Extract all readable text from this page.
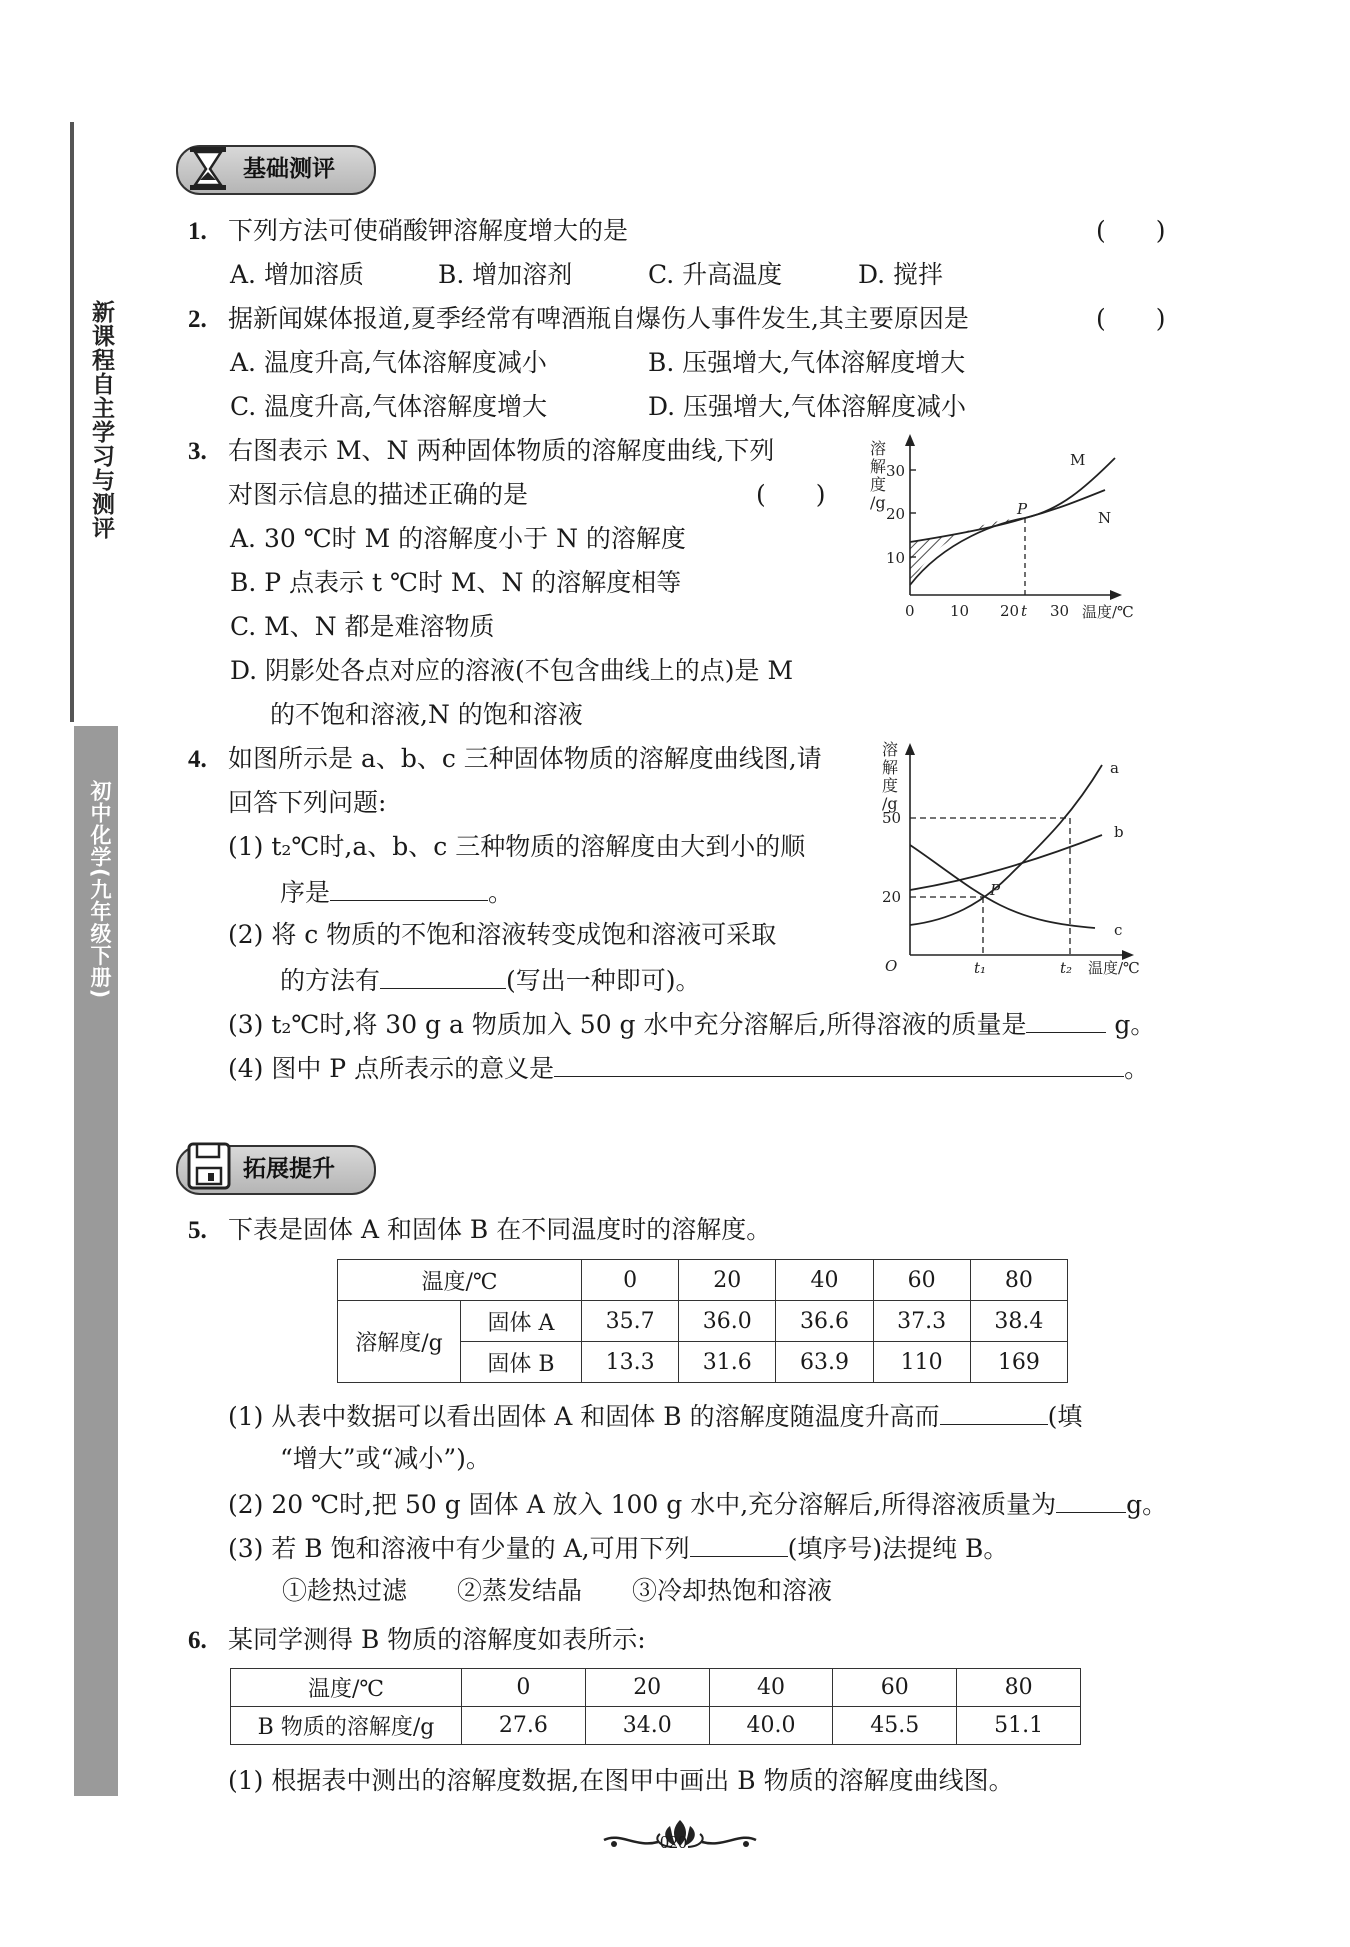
新课程自主学习与测评
初中化学(九年级下册)
基础测评
1. 下列方法可使硝酸钾溶解度增大的是	(　　)
A. 增加溶质	B. 增加溶剂	C. 升高温度	D. 搅拌
2. 据新闻媒体报道,夏季经常有啤酒瓶自爆伤人事件发生,其主要原因是	(　　)
A. 温度升高,气体溶解度减小	B. 压强增大,气体溶解度增大
C. 温度升高,气体溶解度增大	D. 压强增大,气体溶解度减小
3. 右图表示 M、N 两种固体物质的溶解度曲线,下列
对图示信息的描述正确的是	(　　)
A. 30 ℃时 M 的溶解度小于 N 的溶解度
B. P 点表示 t ℃时 M、N 的溶解度相等
C. M、N 都是难溶物质
D. 阴影处各点对应的溶液(不包含曲线上的点)是 M
的不饱和溶液,N 的饱和溶液
溶
解
度
/g
30
20
10
0 10 20 t 30 温度/℃
P
M
N
4. 如图所示是 a、b、c 三种固体物质的溶解度曲线图,请
回答下列问题:
(1) t₂℃时,a、b、c 三种物质的溶解度由大到小的顺
序是	。
(2) 将 c 物质的不饱和溶液转变成饱和溶液可采取
的方法有	(写出一种即可)。
(3) t₂℃时,将 30 g a 物质加入 50 g 水中充分溶解后,所得溶液的质量是	g。
(4) 图中 P 点所表示的意义是	。
溶
解
度
/g
50
20
O	t₁	t₂ 温度/℃
P
a
b
c
拓展提升
5. 下表是固体 A 和固体 B 在不同温度时的溶解度。
温度/℃		0	20	40	60	80
溶解度/g	固体 A	35.7	36.0	36.6	37.3	38.4
	固体 B	13.3	31.6	63.9	110	169
(1) 从表中数据可以看出固体 A 和固体 B 的溶解度随温度升高而	(填
“增大”或“减小”)。
(2) 20 ℃时,把 50 g 固体 A 放入 100 g 水中,充分溶解后,所得溶液质量为	g。
(3) 若 B 饱和溶液中有少量的 A,可用下列	(填序号)法提纯 B。
①趁热过滤　　②蒸发结晶　　③冷却热饱和溶液
6. 某同学测得 B 物质的溶解度如表所示:
温度/℃	0	20	40	60	80
B 物质的溶解度/g	27.6	34.0	40.0	45.5	51.1
(1) 根据表中测出的溶解度数据,在图甲中画出 B 物质的溶解度曲线图。
020
